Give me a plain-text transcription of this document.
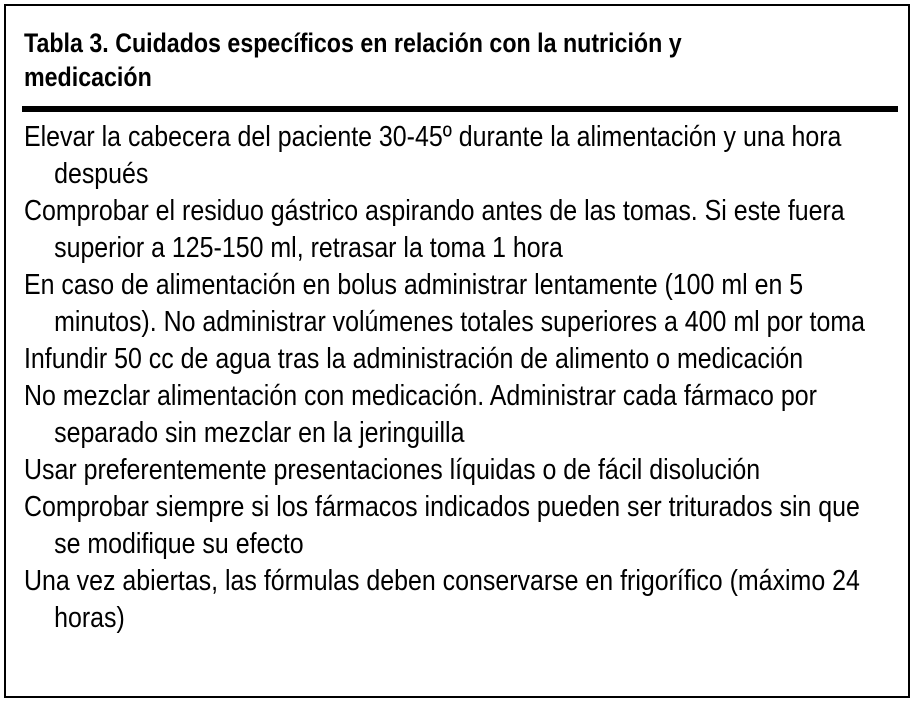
Tabla 3. Cuidados específicos en relación con la nutrición y medicación
Elevar la cabecera del paciente 30-45º durante la alimentación y una hora después
Comprobar el residuo gástrico aspirando antes de las tomas. Si este fuera superior a 125-150 ml, retrasar la toma 1 hora
En caso de alimentación en bolus administrar lentamente (100 ml en 5 minutos). No administrar volúmenes totales superiores a 400 ml por toma
Infundir 50 cc de agua tras la administración de alimento o medicación
No mezclar alimentación con medicación. Administrar cada fármaco por separado sin mezclar en la jeringuilla
Usar preferentemente presentaciones líquidas o de fácil disolución
Comprobar siempre si los fármacos indicados pueden ser triturados sin que se modifique su efecto
Una vez abiertas, las fórmulas deben conservarse en frigorífico (máximo 24 horas)
